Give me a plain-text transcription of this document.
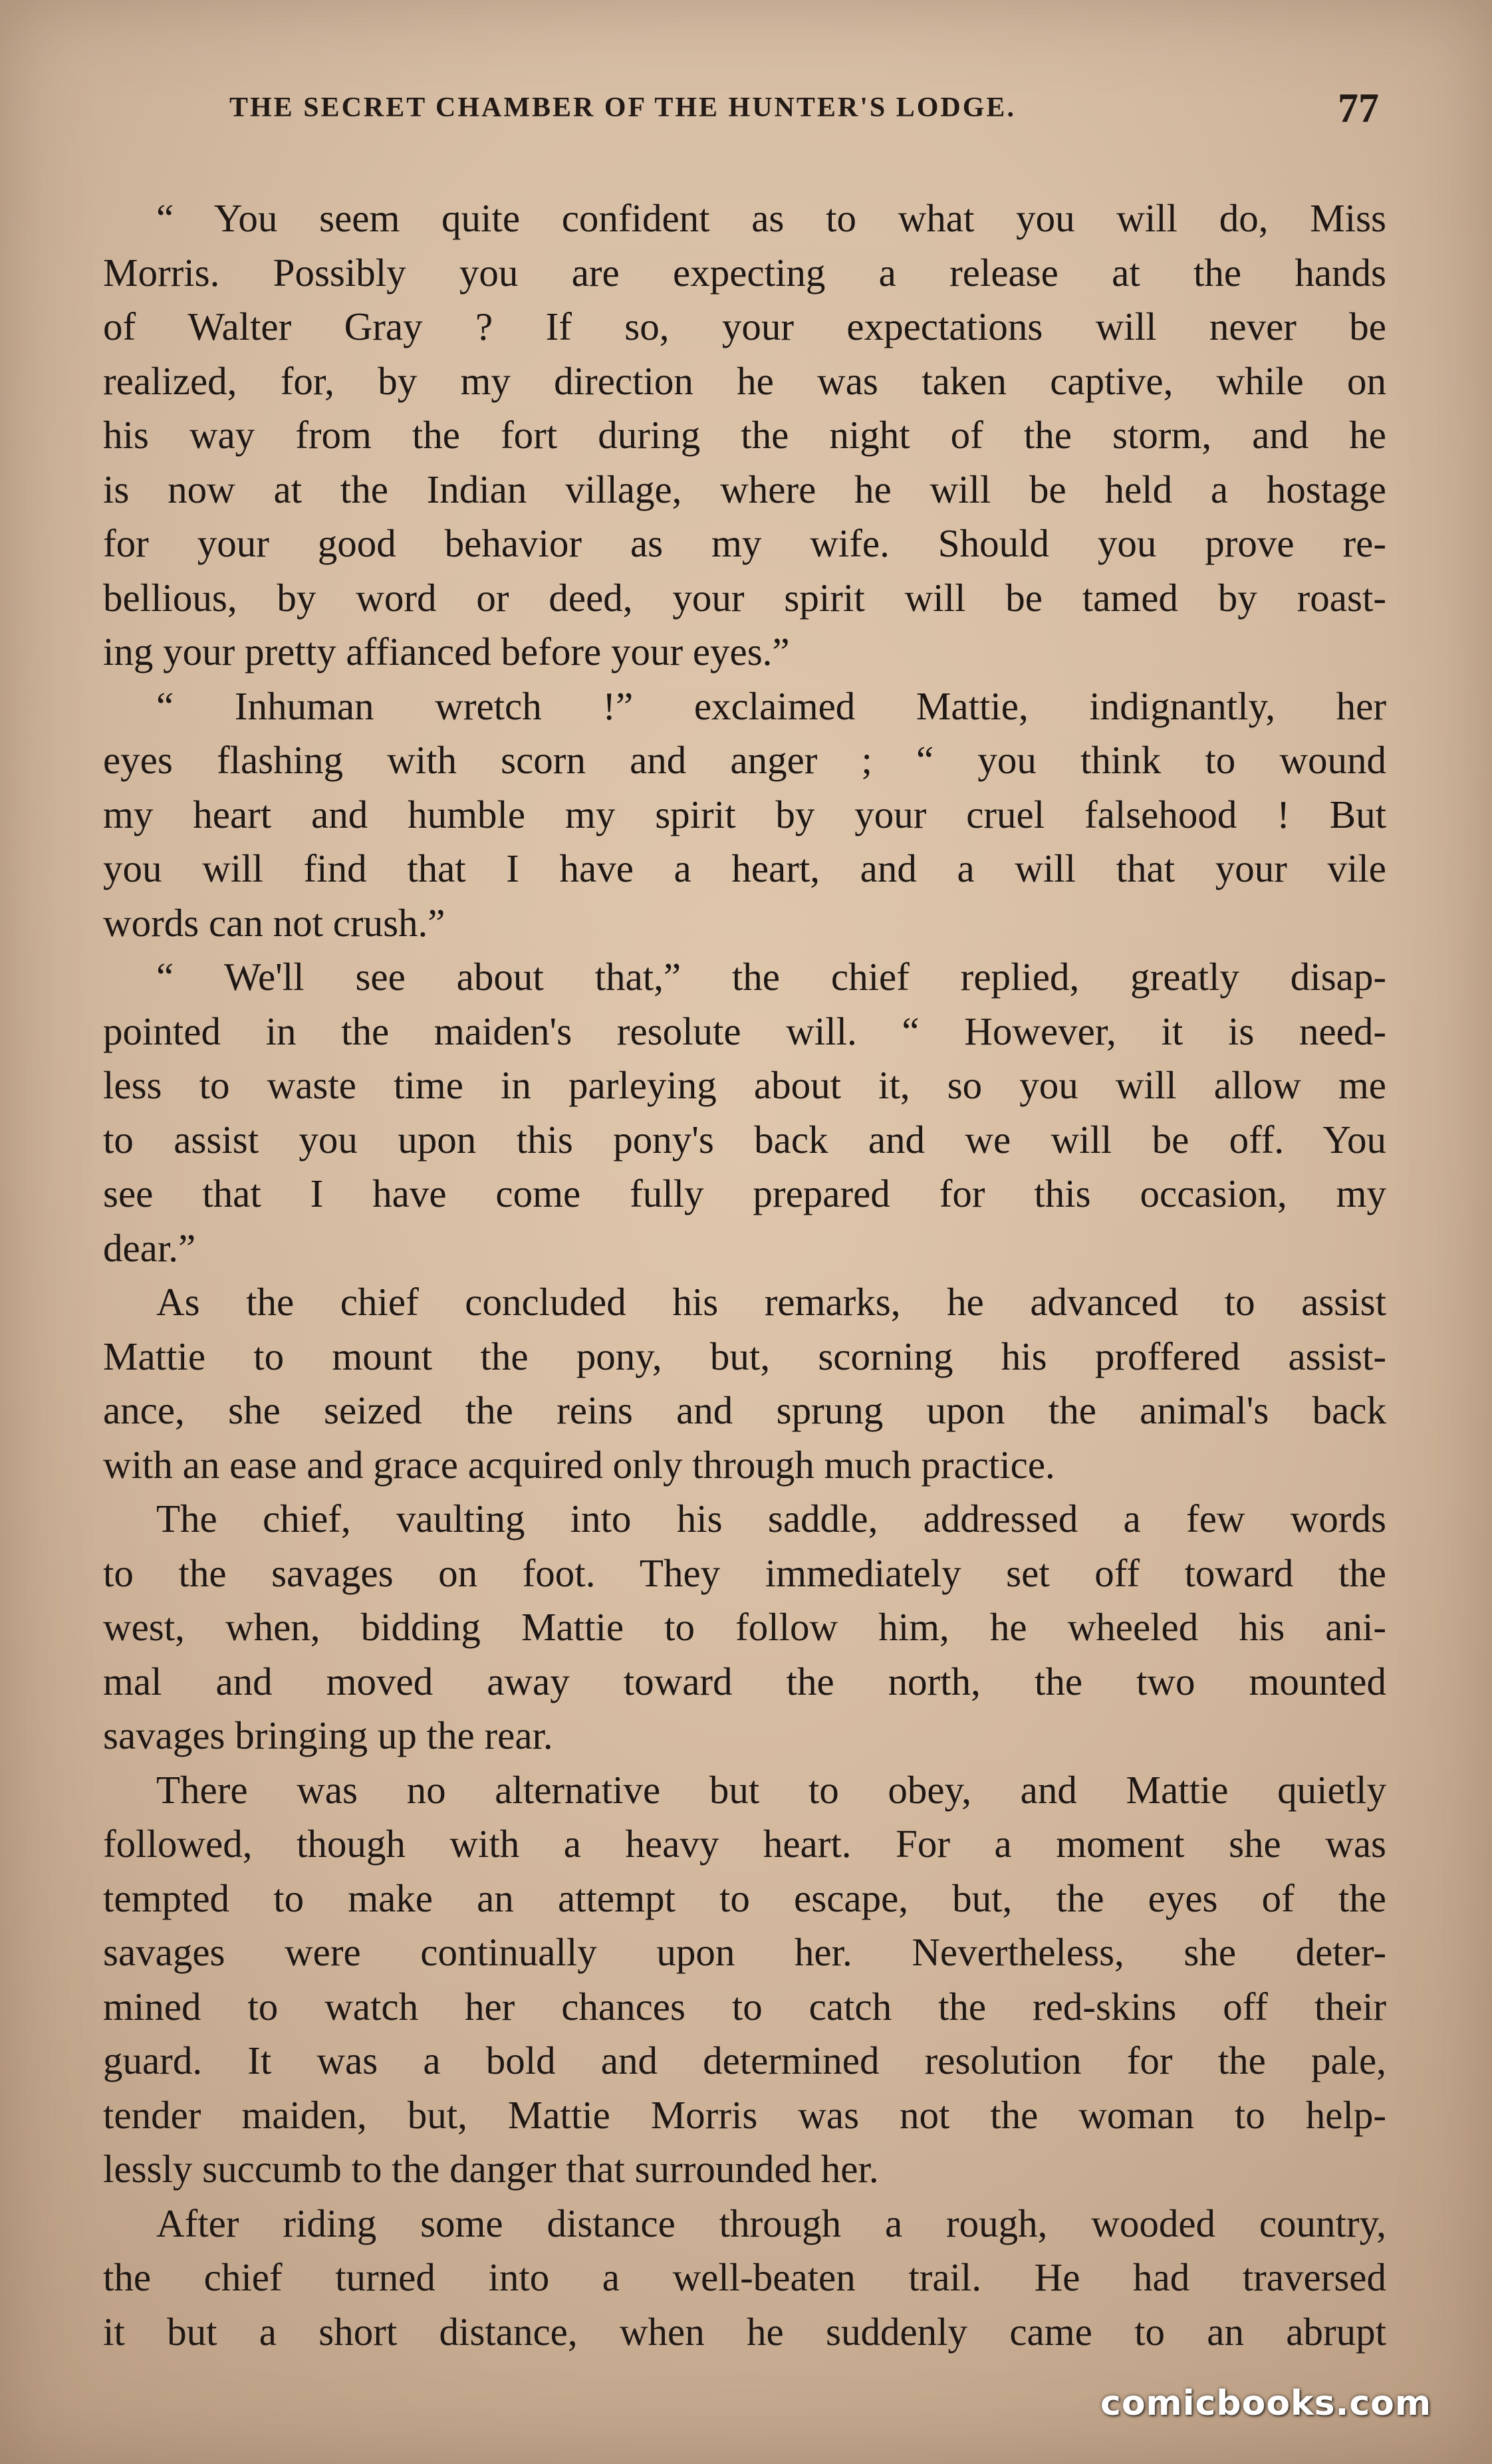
THE SECRET CHAMBER OF THE HUNTER'S LODGE.	77
“ You seem quite confident as to what you will do, Miss
Morris. Possibly you are expecting a release at the hands
of Walter Gray ? If so, your expectations will never be
realized, for, by my direction he was taken captive, while on
his way from the fort during the night of the storm, and he
is now at the Indian village, where he will be held a hostage
for your good behavior as my wife. Should you prove re-
bellious, by word or deed, your spirit will be tamed by roast-
ing your pretty affianced before your eyes.”
“ Inhuman wretch !” exclaimed Mattie, indignantly, her
eyes flashing with scorn and anger ; “ you think to wound
my heart and humble my spirit by your cruel falsehood ! But
you will find that I have a heart, and a will that your vile
words can not crush.”
“ We'll see about that,” the chief replied, greatly disap-
pointed in the maiden's resolute will. “ However, it is need-
less to waste time in parleying about it, so you will allow me
to assist you upon this pony's back and we will be off. You
see that I have come fully prepared for this occasion, my
dear.”
As the chief concluded his remarks, he advanced to assist
Mattie to mount the pony, but, scorning his proffered assist-
ance, she seized the reins and sprung upon the animal's back
with an ease and grace acquired only through much practice.
The chief, vaulting into his saddle, addressed a few words
to the savages on foot. They immediately set off toward the
west, when, bidding Mattie to follow him, he wheeled his ani-
mal and moved away toward the north, the two mounted
savages bringing up the rear.
There was no alternative but to obey, and Mattie quietly
followed, though with a heavy heart. For a moment she was
tempted to make an attempt to escape, but, the eyes of the
savages were continually upon her. Nevertheless, she deter-
mined to watch her chances to catch the red-skins off their
guard. It was a bold and determined resolution for the pale,
tender maiden, but, Mattie Morris was not the woman to help-
lessly succumb to the danger that surrounded her.
After riding some distance through a rough, wooded country,
the chief turned into a well-beaten trail. He had traversed
it but a short distance, when he suddenly came to an abrupt
comicbooks.com
